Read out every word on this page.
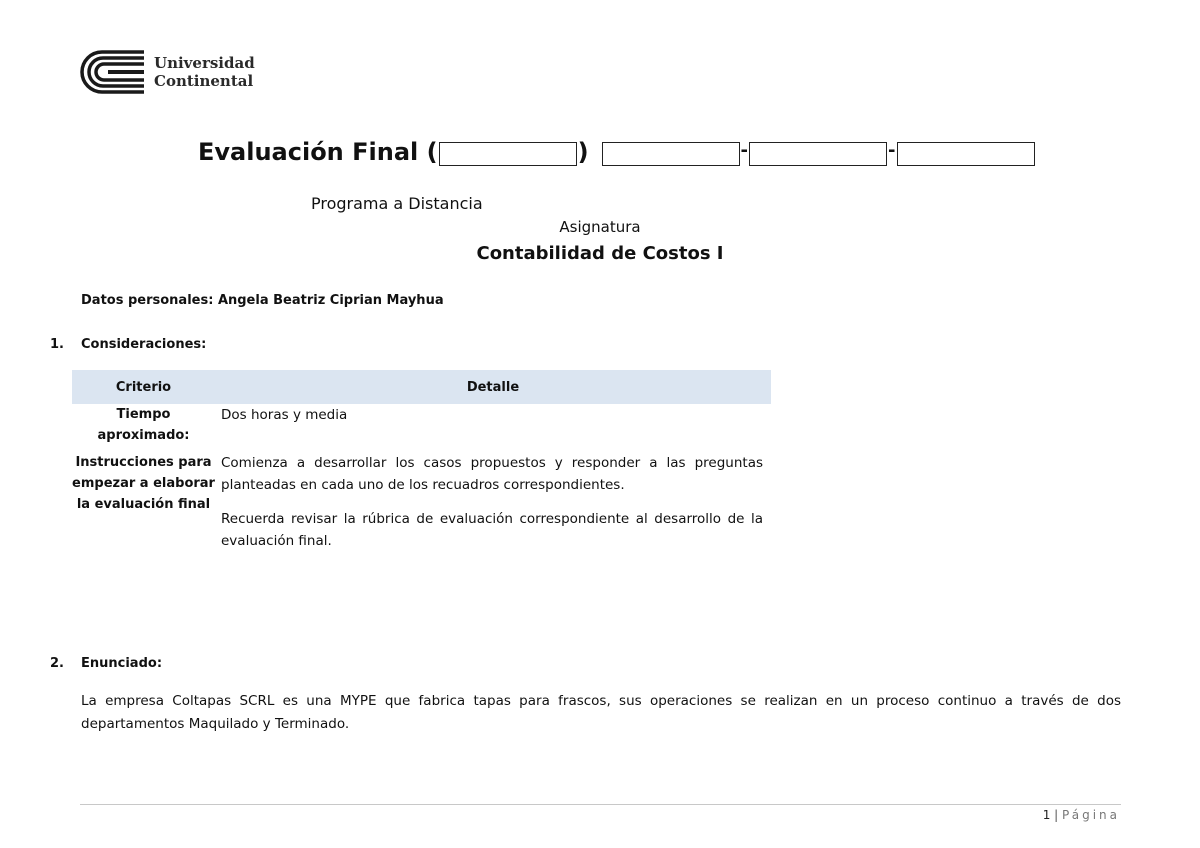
Universidad
Continental
Evaluación Final (	)	-	-
Programa a Distancia
Asignatura
Contabilidad de Costos I
Datos personales: Angela Beatriz Ciprian Mayhua
1. Consideraciones:
Criterio	Detalle
Tiempo aproximado:	Dos horas y media

Instrucciones para empezar a elaborar la evaluación final	Comienza a desarrollar los casos propuestos y responder a las preguntas planteadas en cada uno de los recuadros correspondientes.

Recuerda revisar la rúbrica de evaluación correspondiente al desarrollo de la evaluación final.

2. Enunciado:
La empresa Coltapas SCRL es una MYPE que fabrica tapas para frascos, sus operaciones se realizan en un proceso continuo a través de dos departamentos Maquilado y Terminado.
1 | Página
